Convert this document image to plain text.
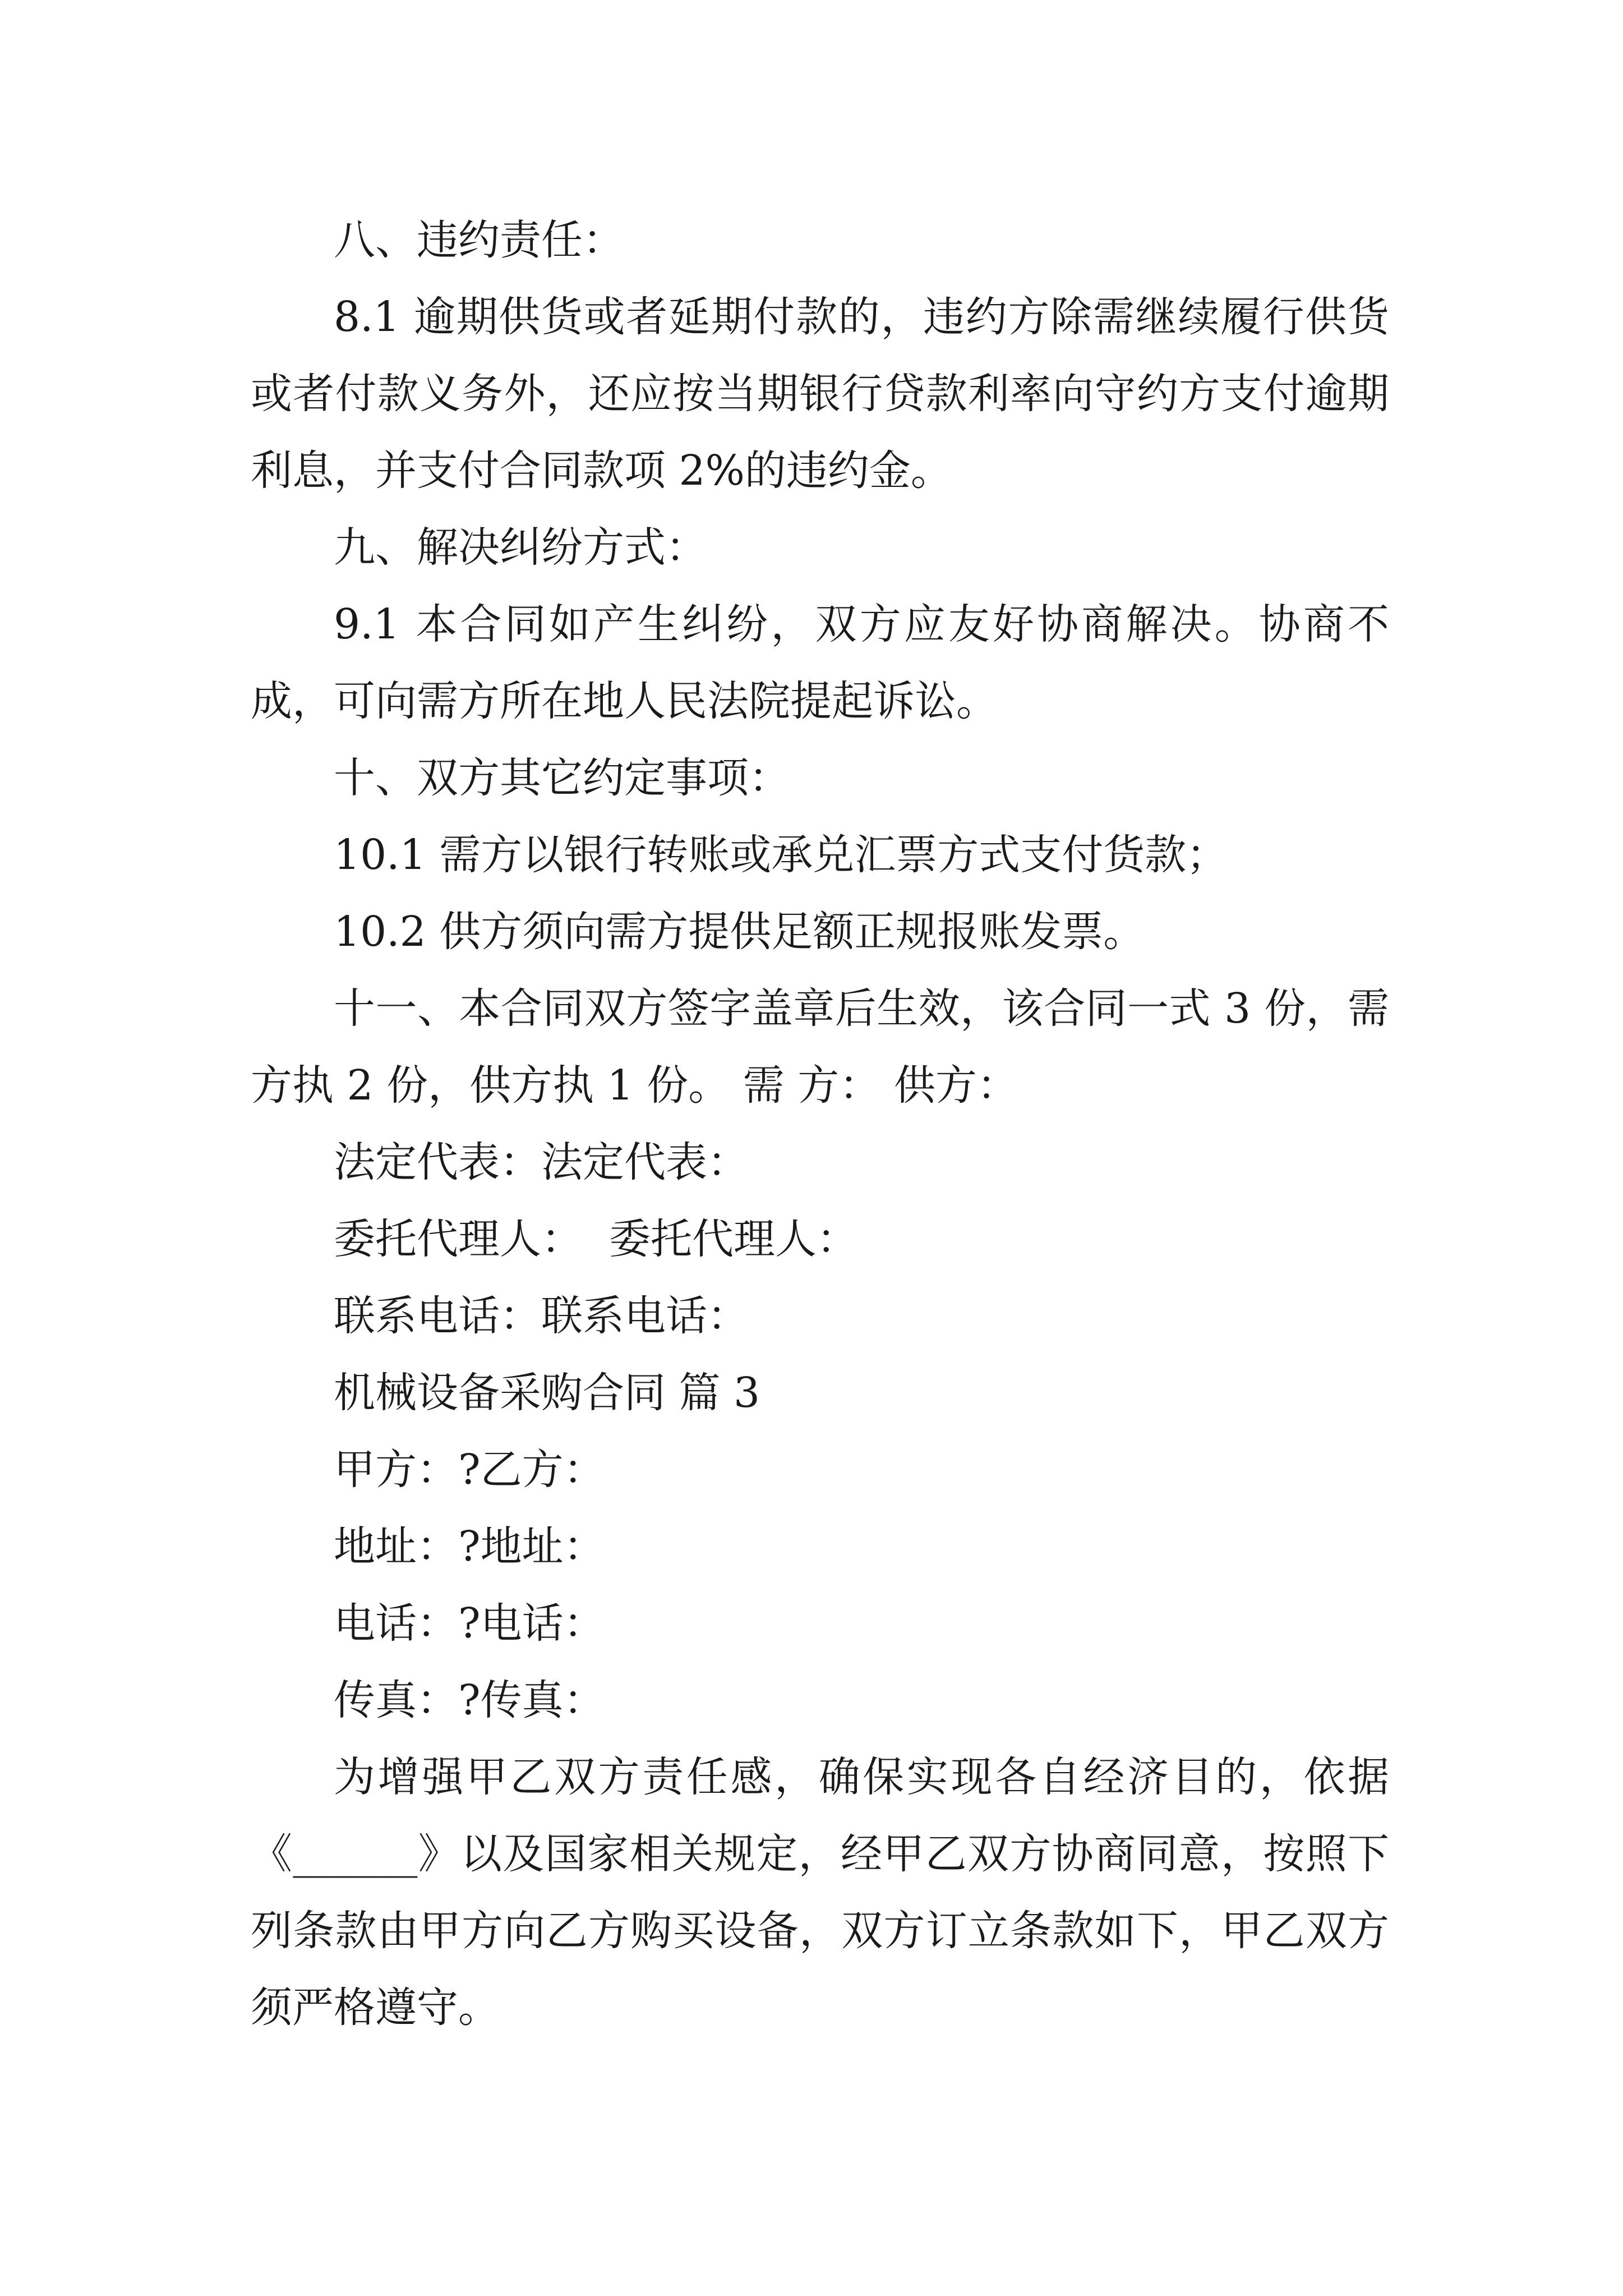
八、违约责任：

8.1 逾期供货或者延期付款的，违约方除需继续履行供货或者付款义务外，还应按当期银行贷款利率向守约方支付逾期利息，并支付合同款项 2%的违约金。

九、解决纠纷方式：

9.1 本合同如产生纠纷，双方应友好协商解决。协商不成，可向需方所在地人民法院提起诉讼。

十、双方其它约定事项：

10.1 需方以银行转账或承兑汇票方式支付货款；

10.2 供方须向需方提供足额正规报账发票。

十一、本合同双方签字盖章后生效，该合同一式 3 份，需方执 2 份，供方执 1 份。 需 方： 供方：

法定代表：法定代表：

委托代理人：  委托代理人：

联系电话：联系电话：

机械设备采购合同 篇 3

甲方：?乙方：

地址：?地址：

电话：?电话：

传真：?传真：

为增强甲乙双方责任感，确保实现各自经济目的，依据《______》以及国家相关规定，经甲乙双方协商同意，按照下列条款由甲方向乙方购买设备，双方订立条款如下，甲乙双方须严格遵守。
